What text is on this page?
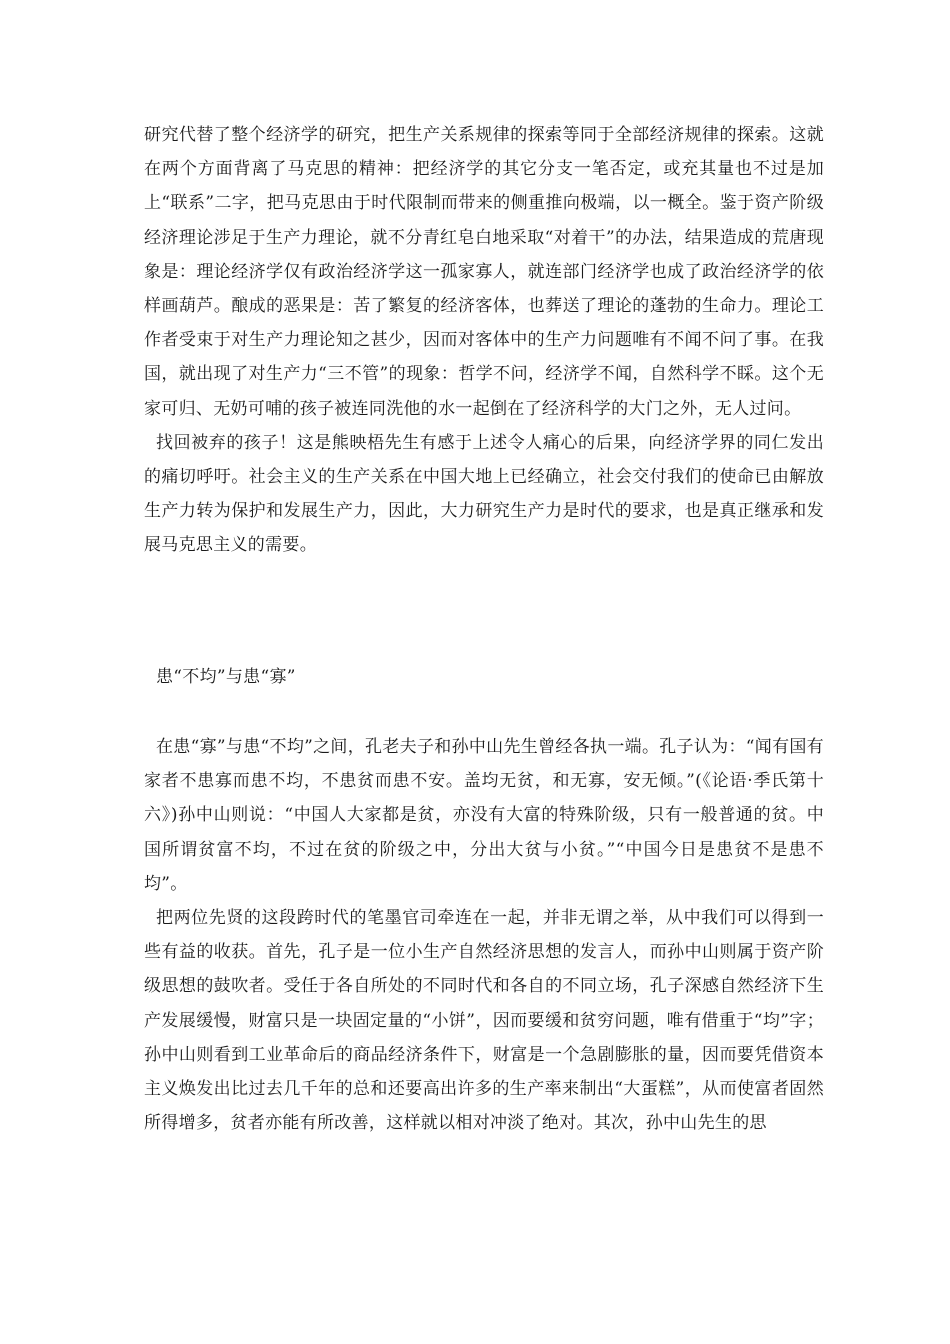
研究代替了整个经济学的研究，把生产关系规律的探索等同于全部经济规律的探索。这就在两个方面背离了马克思的精神：把经济学的其它分支一笔否定，或充其量也不过是加上“联系”二字，把马克思由于时代限制而带来的侧重推向极端，以一概全。鉴于资产阶级经济理论涉足于生产力理论，就不分青红皂白地采取“对着干”的办法，结果造成的荒唐现象是：理论经济学仅有政治经济学这一孤家寡人，就连部门经济学也成了政治经济学的依样画葫芦。酿成的恶果是：苦了繁复的经济客体，也葬送了理论的蓬勃的生命力。理论工作者受束于对生产力理论知之甚少，因而对客体中的生产力问题唯有不闻不问了事。在我国，就出现了对生产力“三不管”的现象：哲学不问，经济学不闻，自然科学不睬。这个无家可归、无奶可哺的孩子被连同洗他的水一起倒在了经济科学的大门之外，无人过问。

找回被弃的孩子！这是熊映梧先生有感于上述令人痛心的后果，向经济学界的同仁发出的痛切呼吁。社会主义的生产关系在中国大地上已经确立，社会交付我们的使命已由解放生产力转为保护和发展生产力，因此，大力研究生产力是时代的要求，也是真正继承和发展马克思主义的需要。

患“不均”与患“寡”

在患“寡”与患“不均”之间，孔老夫子和孙中山先生曾经各执一端。孔子认为：“闻有国有家者不患寡而患不均，不患贫而患不安。盖均无贫，和无寡，安无倾。”(《论语·季氏第十六》)孙中山则说：“中国人大家都是贫，亦没有大富的特殊阶级，只有一般普通的贫。中国所谓贫富不均，不过在贫的阶级之中，分出大贫与小贫。”“中国今日是患贫不是患不均”。

把两位先贤的这段跨时代的笔墨官司牵连在一起，并非无谓之举，从中我们可以得到一些有益的收获。首先，孔子是一位小生产自然经济思想的发言人，而孙中山则属于资产阶级思想的鼓吹者。受任于各自所处的不同时代和各自的不同立场，孔子深感自然经济下生产发展缓慢，财富只是一块固定量的“小饼”，因而要缓和贫穷问题，唯有借重于“均”字；孙中山则看到工业革命后的商品经济条件下，财富是一个急剧膨胀的量，因而要凭借资本主义焕发出比过去几千年的总和还要高出许多的生产率来制出“大蛋糕”，从而使富者固然所得增多，贫者亦能有所改善，这样就以相对冲淡了绝对。其次，孙中山先生的思
